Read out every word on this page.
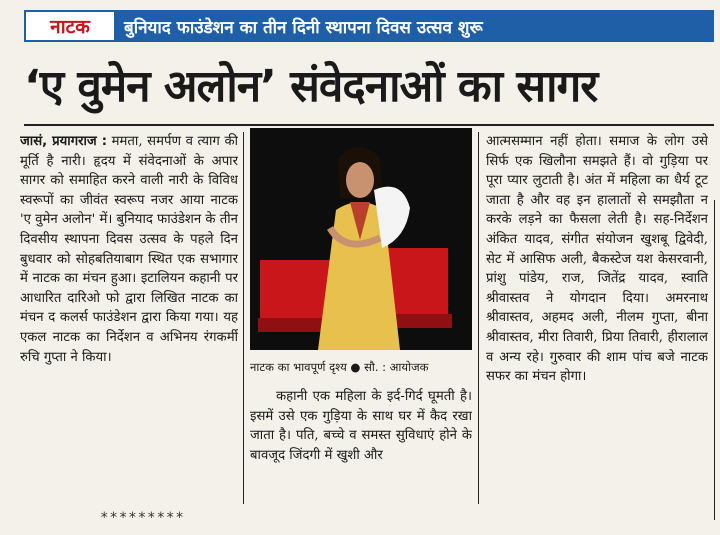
नाटक	बुनियाद फाउंडेशन का तीन दिनी स्थापना दिवस उत्सव शुरू
‘ए वुमेन अलोन’ संवेदनाओं का सागर

जासं, प्रयागराज : ममता, समर्पण व त्याग की मूर्ति है नारी। हृदय में संवेदनाओं के अपार सागर को समाहित करने वाली नारी के विविध स्वरूपों का जीवंत स्वरूप नजर आया नाटक 'ए वुमेन अलोन' में। बुनियाद फाउंडेशन के तीन दिवसीय स्थापना दिवस उत्सव के पहले दिन बुधवार को सोहबतियाबाग स्थित एक सभागार में नाटक का मंचन हुआ। इटालियन कहानी पर आधारित दारिओ फो द्वारा लिखित नाटक का मंचन द कलर्स फाउंडेशन द्वारा किया गया। यह एकल नाटक का निर्देशन व अभिनय रंगकर्मी रुचि गुप्ता ने किया।

नाटक का भावपूर्ण दृश्य ● सौ. : आयोजक

कहानी एक महिला के इर्द-गिर्द घूमती है। इसमें उसे एक गुड़िया के साथ घर में कैद रखा जाता है। पति, बच्चे व समस्त सुविधाएं होने के बावजूद जिंदगी में खुशी और

आत्मसम्मान नहीं होता। समाज के लोग उसे सिर्फ एक खिलौना समझते हैं। वो गुड़िया पर पूरा प्यार लुटाती है। अंत में महिला का धैर्य टूट जाता है और वह इन हालातों से समझौता न करके लड़ने का फैसला लेती है। सह-निर्देशन अंकित यादव, संगीत संयोजन खुशबू द्विवेदी, सेट में आसिफ अली, बैकस्टेज यश केसरवानी, प्रांशु पांडेय, राज, जितेंद्र यादव, स्वाति श्रीवास्तव ने योगदान दिया। अमरनाथ श्रीवास्तव, अहमद अली, नीलम गुप्ता, बीना श्रीवास्तव, मीरा तिवारी, प्रिया तिवारी, हीरालाल व अन्य रहे। गुरुवार की शाम पांच बजे नाटक सफर का मंचन होगा।

*********
